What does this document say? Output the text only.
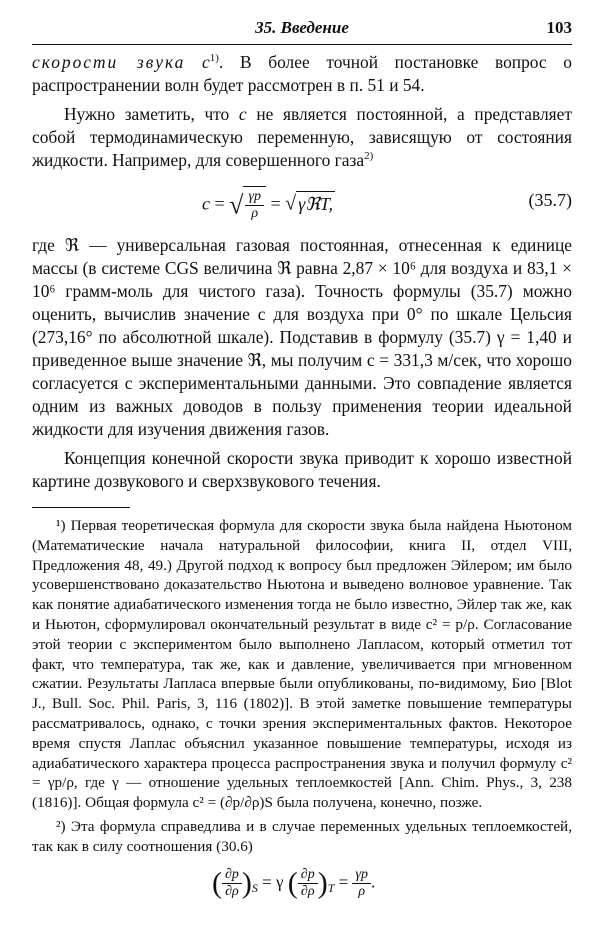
35. Введение	103

скорости звука $c^{1)}$. В более точной постановке вопрос о распространении волн будет рассмотрен в п. 51 и 54.

Нужно заметить, что c не является постоянной, а представляет собой термодинамическую переменную, зависящую от состояния жидкости. Например, для совершенного газа$^{2)}$

c = √ $\frac{\gamma p}{\rho}$ = √ γℜT,	(35.7)

где ℜ — универсальная газовая постоянная, отнесенная к единице массы (в системе CGS величина ℜ равна 2,87 × 10⁶ для воздуха и 83,1 × 10⁶ грамм-моль для чистого газа). Точность формулы (35.7) можно оценить, вычислив значение c для воздуха при 0° по шкале Цельсия (273,16° по абсолютной шкале). Подставив в формулу (35.7) γ = 1,40 и приведенное выше значение ℜ, мы получим c = 331,3 м/сек, что хорошо согласуется с экспериментальными данными. Это совпадение является одним из важных доводов в пользу применения теории идеальной жидкости для изучения движения газов.

Концепция конечной скорости звука приводит к хорошо известной картине дозвукового и сверхзвукового течения.

¹) Первая теоретическая формула для скорости звука была найдена Ньютоном (Математические начала натуральной философии, книга II, отдел VIII, Предложения 48, 49.) Другой подход к вопросу был предложен Эйлером; им было усовершенствовано доказательство Ньютона и выведено волновое уравнение. Так как понятие адиабатического изменения тогда не было известно, Эйлер так же, как и Ньютон, сформулировал окончательный результат в виде c² = p/ρ. Согласование этой теории с экспериментом было выполнено Лапласом, который отметил тот факт, что температура, так же, как и давление, увеличивается при мгновенном сжатии. Результаты Лапласа впервые были опубликованы, по-видимому, Био [Blot J., Bull. Soc. Phil. Paris, 3, 116 (1802)]. В этой заметке повышение температуры рассматривалось, однако, с точки зрения экспериментальных фактов. Некоторое время спустя Лаплас объяснил указанное повышение температуры, исходя из адиабатического характера процесса распространения звука и получил формулу c² = γp/ρ, где γ — отношение удельных теплоемкостей [Ann. Chim. Phys., 3, 238 (1816)]. Общая формула c² = (∂p/∂ρ)S была получена, конечно, позже.

²) Эта формула справедлива и в случае переменных удельных теплоемкостей, так как в силу соотношения (30.6)

( $\frac{\partial p}{\partial\rho} )_S = \gamma$ ( $\frac{\partial p}{\partial\rho} )_T = \frac{\gamma p}{\rho}$ .
